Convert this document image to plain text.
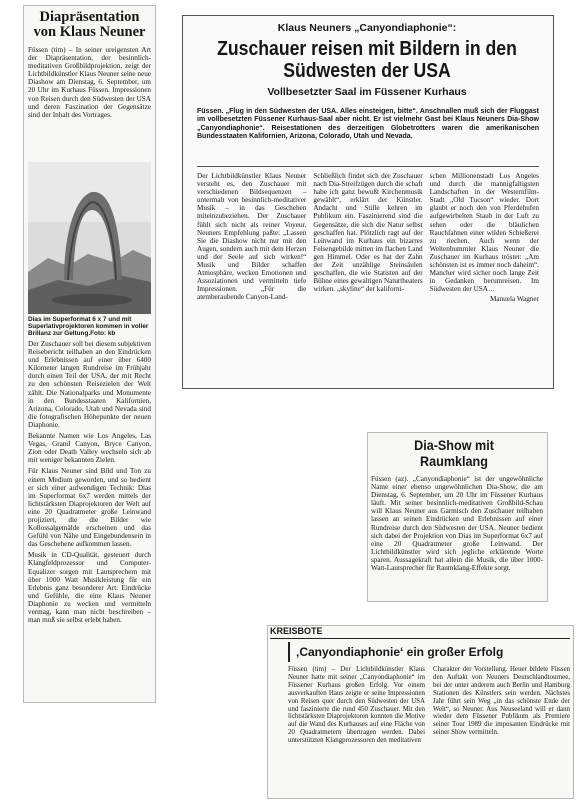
Diapräsentation von Klaus Neuner

Füssen (tim) – In seiner ureigensten Art der Diapräsentation, der besinnlich-meditativen Großbildprojektion, zeigt der Lichtbildkünstler Klaus Neuner seine neue Diashow am Dienstag, 6. September, um 20 Uhr im Kurhaus Füssen. Impressionen von Reisen durch den Südwesten der USA und deren Faszination der Gegensätze sind der Inhalt des Vortrages.

Dias im Superformat 6 x 7 und mit Superlativprojektoren kommen in voller Brillanz zur Geltung.Foto: kb

Der Zuschauer soll bei diesem subjektiven Reisebericht teilhaben an den Eindrücken und Erlebnissen auf einer über 6400 Kilometer langen Rundreise im Frühjahr durch einen Teil der USA, der mit Recht zu den schönsten Reisezielen der Welt zählt. Die Nationalparks und Monumente in den Bundesstaaten Kalifornien, Arizona, Colorado, Utah und Nevada sind die fotografischen Höhepunkte der neuen Diaphonie.

Bekannte Namen wie Los Angeles, Las Vegas, Grand Canyon, Bryce Canyon, Zion oder Death Valley wechseln sich ab mit weniger bekannten Zielen.

Für Klaus Neuner sind Bild und Ton zu einem Medium geworden, und so bedient er sich einer aufwendigen Technik: Dias im Superformat 6x7 werden mittels der lichtstärksten Diaprojektoren der Welt auf eine 20 Quadratmeter große Leinwand projiziert, die die Bilder wie Kollossalgemälde erscheinen und das Gefühl von Nähe und Eingebundensein in das Geschehene aufkommen lassen.

Musik in CD-Qualität, gesteuert durch Klangfeldprozessor und Computer-Equalizer sorgen mit Lautsprechern mit über 1000 Watt Musikleistung für ein Erlebnis ganz besonderer Art. Eindrücke und Gefühle, die eine Klaus Neuner Diaphonie zu wecken und vermitteln vermag, kann man nicht beschreiben – man muß sie selbst erlebt haben.

Klaus Neuners „Canyondiaphonie“:
Zuschauer reisen mit Bildern in den Südwesten der USA
Vollbesetzter Saal im Füssener Kurhaus

Füssen. „Flug in den Südwesten der USA. Alles einsteigen, bitte“. Anschnallen muß sich der Fluggast im vollbesetzten Füssener Kurhaus-Saal aber nicht. Er ist vielmehr Gast bei Klaus Neuners Dia-Show „Canyondiaphonie“. Reisestationen des derzeitigen Globetrotters waren die amerikanischen Bundesstaaten Kalifornien, Arizona, Colorado, Utah und Nevada.

Der Lichtbildkünstler Klaus Neuner versteht es, den Zuschauer mit verschiedenen Bildsequenzen – untermalt von besinnlich-meditativer Musik – in das Geschehen miteinzubeziehen. Der Zuschauer fühlt sich nicht als reiner Voyeur. Neuners Empfehlung paßte: „Lassen Sie die Diashow nicht nur mit den Augen, sondern auch mit dem Herzen und der Seele auf sich wirken!“ Musik und Bilder schaffen Atmosphäre, wecken Emotionen und Assoziationen und vermitteln tiefe Impressionen. „Für die atemberaubende Canyon-Land-

Schließlich findet sich der Zuschauer nach Dia-Streifzügen durch die schaft habe ich ganz bewußt Kirchenmusik gewählt“, erklärt der Künstler. Andacht und Stille kehren im Publikum ein. Faszinierend sind die Gegensätze, die sich die Natur selbst geschaffen hat. Plötzlich ragt auf der Leinwand im Kurhaus ein bizarres Felsengebilde mitten im flachen Land gen Himmel. Oder es hat der Zahn der Zeit unzählige Steinsäulen geschaffen, die wie Statisten auf der Bühne eines gewaltigen Naturtheaters wirken. „skyline“ der kaliforni-

schen Millionenstadt Los Angeles und durch die mannigfaltigsten Landschaften in der Westernfilm-Stadt „Old Tucson“ wieder. Dort glaubt er noch den von Pferdehufen aufgewirbelten Staub in der Luft zu sehen oder die bläulichen Rauchfahnen einer wilden Schießerei zu riechen. Auch wenn der Weltenbummler Klaus Neuner die Zuschauer im Kurhaus tröstet: „Am schönsten ist es immer noch daheim“. Mancher wird sicher noch lange Zeit in Gedanken herumreisen. Im Südwesten der USA…

Manuela Wagner
Dia-Show mit Raumklang

Füssen (az). „Canyondiaphonie“ ist der ungewöhnliche Name einer ebenso ungewöhnlichen Dia-Show, die am Dienstag, 6. September, um 20 Uhr im Füssener Kurhaus läuft. Mit seiner besinnlich-meditativen Großbild-Schau will Klaus Neuner aus Garmisch den Zuschauer teilhaben lassen an seinen Eindrücken und Erlebnissen auf einer Rundreise durch den Südwesten der USA. Neuner bedient sich dabei der Projektion von Dias im Superformat 6x7 auf eine 20 Quadratmeter große Leinwand. Der Lichtbildkünstler wird sich jegliche erklärende Worte sparen. Aussagekraft hat allein die Musik, die über 1000-Watt-Lautsprecher für Raumklang-Effekte sorgt.

KREISBOTE
‚Canyondiaphonie‘ ein großer Erfolg

Füssen (tim) – Der Lichtbildkünstler Klaus Neuner hatte mit seiner „Canyondiaphonie“ im Füssener Kurhaus großen Erfolg. Vor einem ausverkauften Haus zeigte er seine Impressionen von Reisen quer durch den Südwesten der USA und faszinierte die rund 450 Zuschauer. Mit den lichtstärksten Diaprojektoren konnten die Motive auf die Wand des Kurhauses auf eine Fläche von 20 Quadratmetern übertragen werden. Dabei unterstützten Klangprozessoren den meditativen

Charakter der Vorstellung. Heuer bildete Füssen den Auftakt von Neuners Deutschlandtournee, bei der unter anderem auch Berlin und Hamburg Stationen des Künstlers sein werden. Nächstes Jahr führt sein Weg „in das schönste Ende der Welt“, so Neuner. Aus Neuseeland will er dann wieder dem Füssener Publikum als Premiere seiner Tour 1989 die imposanten Eindrücke mit seiner Show vermitteln.
